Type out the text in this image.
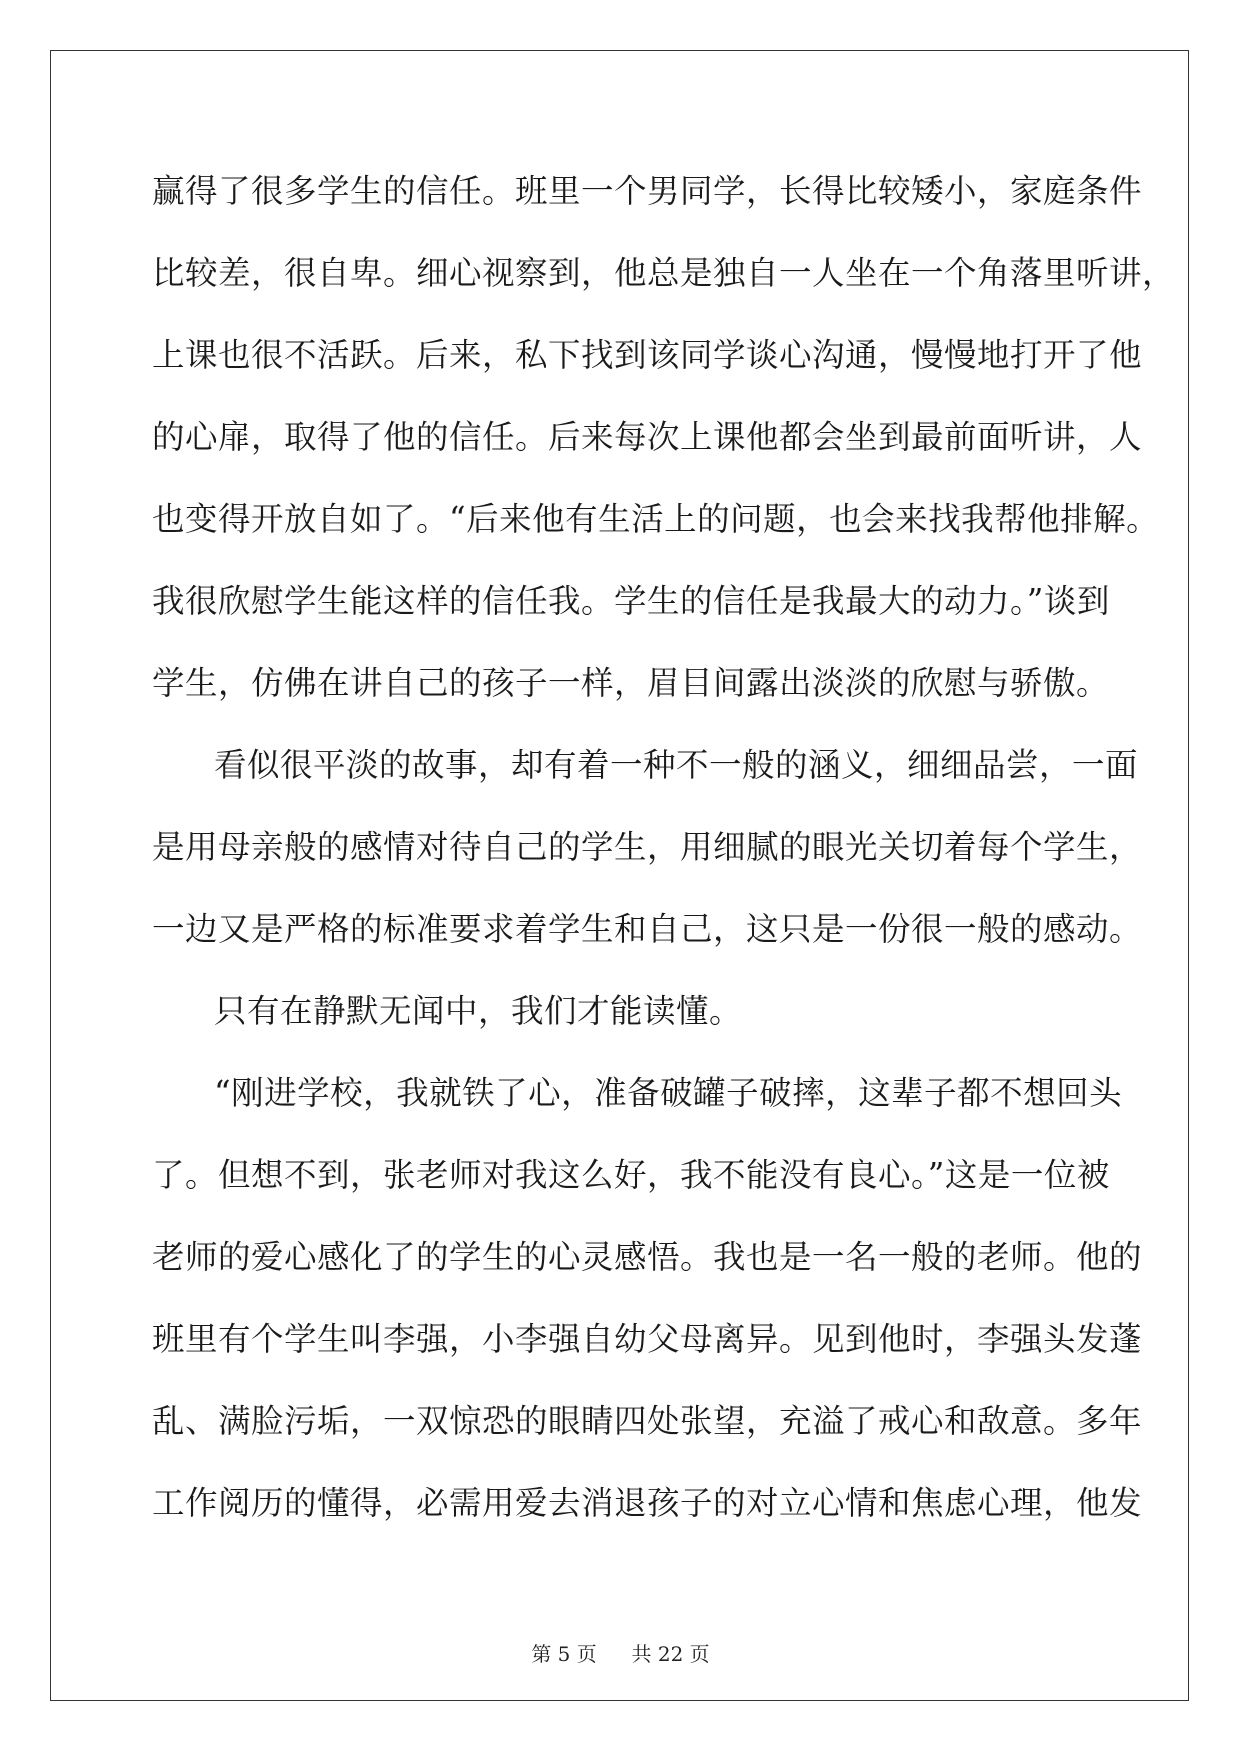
赢得了很多学生的信任。班里一个男同学，长得比较矮小，家庭条件
比较差，很自卑。细心视察到，他总是独自一人坐在一个角落里听讲，
上课也很不活跃。后来，私下找到该同学谈心沟通，慢慢地打开了他
的心扉，取得了他的信任。后来每次上课他都会坐到最前面听讲，人
也变得开放自如了。“后来他有生活上的问题，也会来找我帮他排解。
我很欣慰学生能这样的信任我。学生的信任是我最大的动力。”谈到
学生，仿佛在讲自己的孩子一样，眉目间露出淡淡的欣慰与骄傲。
看似很平淡的故事，却有着一种不一般的涵义，细细品尝，一面
是用母亲般的感情对待自己的学生，用细腻的眼光关切着每个学生，
一边又是严格的标准要求着学生和自己，这只是一份很一般的感动。
只有在静默无闻中，我们才能读懂。
“刚进学校，我就铁了心，准备破罐子破摔，这辈子都不想回头
了。但想不到，张老师对我这么好，我不能没有良心。”这是一位被
老师的爱心感化了的学生的心灵感悟。我也是一名一般的老师。他的
班里有个学生叫李强，小李强自幼父母离异。见到他时，李强头发蓬
乱、满脸污垢，一双惊恐的眼睛四处张望，充溢了戒心和敌意。多年
工作阅历的懂得，必需用爱去消退孩子的对立心情和焦虑心理，他发
第 5 页 共 22 页
